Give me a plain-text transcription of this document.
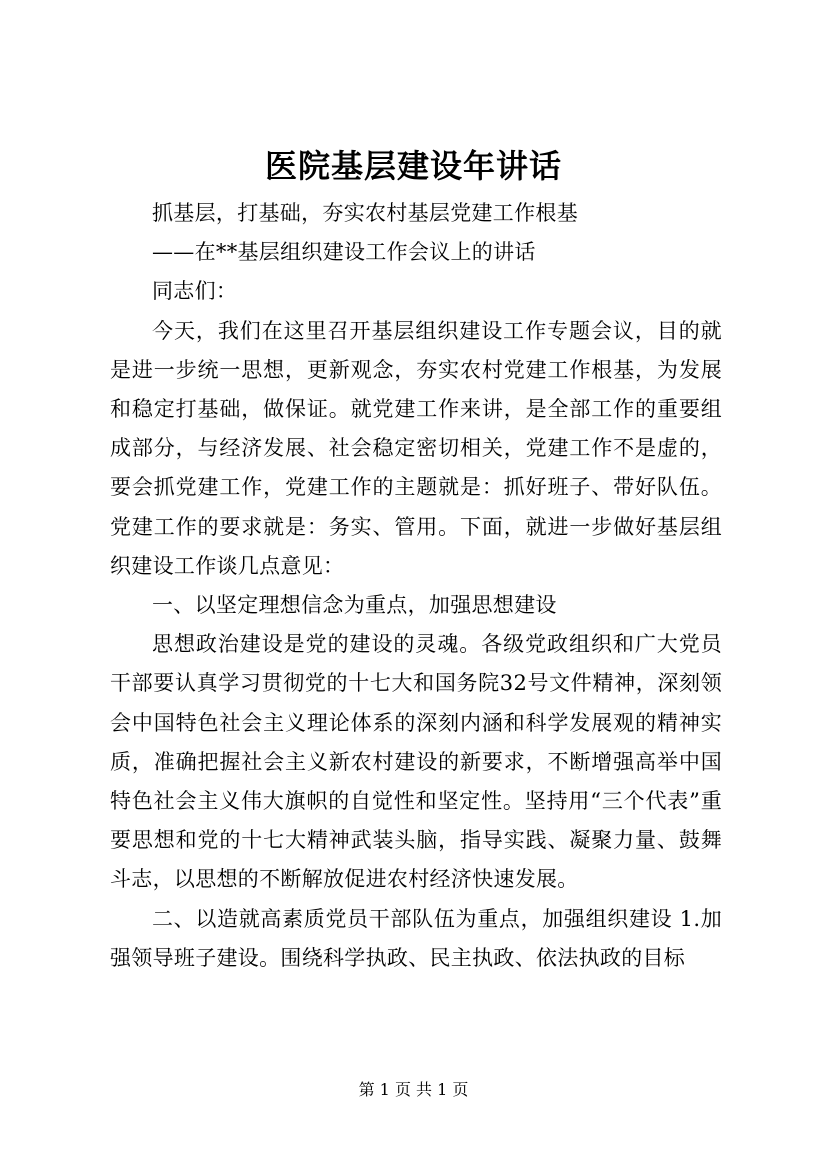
医院基层建设年讲话

抓基层，打基础，夯实农村基层党建工作根基

——在**基层组织建设工作会议上的讲话

同志们：

今天，我们在这里召开基层组织建设工作专题会议，目的就是进一步统一思想，更新观念，夯实农村党建工作根基，为发展和稳定打基础，做保证。就党建工作来讲，是全部工作的重要组成部分，与经济发展、社会稳定密切相关，党建工作不是虚的，要会抓党建工作，党建工作的主题就是：抓好班子、带好队伍。党建工作的要求就是：务实、管用。下面，就进一步做好基层组织建设工作谈几点意见：

一、以坚定理想信念为重点，加强思想建设

思想政治建设是党的建设的灵魂。各级党政组织和广大党员干部要认真学习贯彻党的十七大和国务院32号文件精神，深刻领会中国特色社会主义理论体系的深刻内涵和科学发展观的精神实质，准确把握社会主义新农村建设的新要求，不断增强高举中国特色社会主义伟大旗帜的自觉性和坚定性。坚持用“三个代表”重要思想和党的十七大精神武装头脑，指导实践、凝聚力量、鼓舞斗志，以思想的不断解放促进农村经济快速发展。

二、以造就高素质党员干部队伍为重点，加强组织建设 1.加强领导班子建设。围绕科学执政、民主执政、依法执政的目标

第 1 页 共 1 页
